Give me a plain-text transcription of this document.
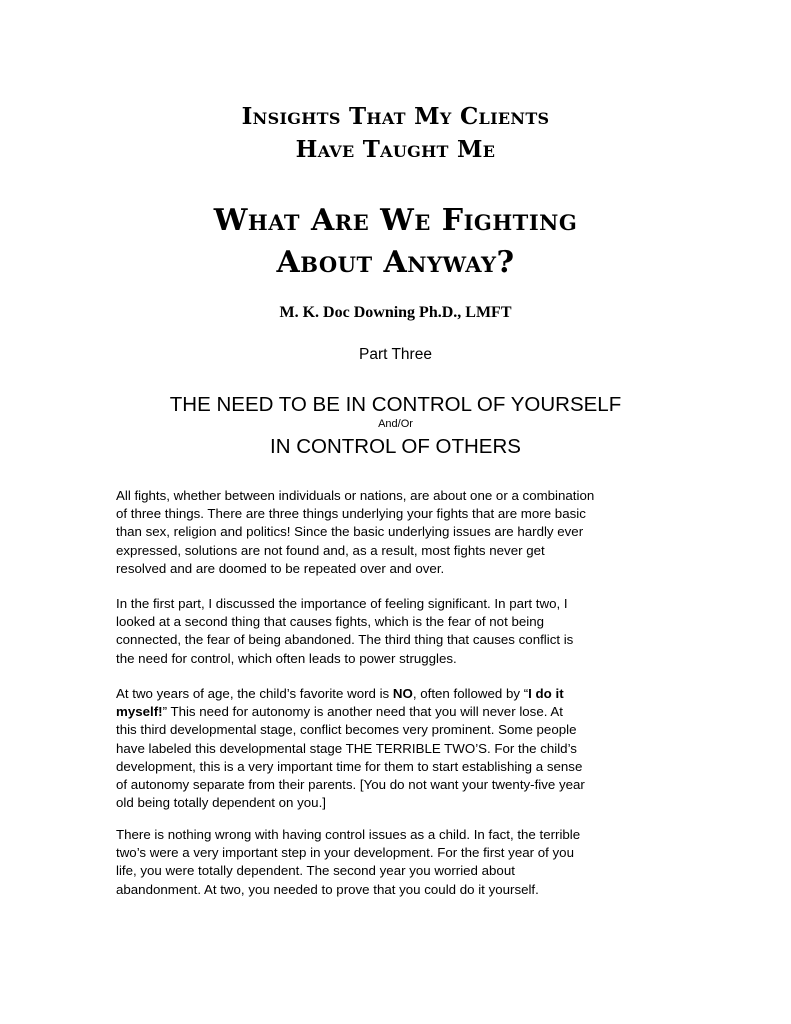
Insights That My Clients
Have Taught Me
What Are We Fighting
About Anyway?
M. K. Doc Downing Ph.D., LMFT
Part Three
THE NEED TO BE IN CONTROL OF YOURSELF
And/Or
IN CONTROL OF OTHERS

All fights, whether between individuals or nations, are about one or a combination
of three things. There are three things underlying your fights that are more basic
than sex, religion and politics! Since the basic underlying issues are hardly ever
expressed, solutions are not found and, as a result, most fights never get
resolved and are doomed to be repeated over and over.

In the first part, I discussed the importance of feeling significant. In part two, I
looked at a second thing that causes fights, which is the fear of not being
connected, the fear of being abandoned. The third thing that causes conflict is
the need for control, which often leads to power struggles.

At two years of age, the child’s favorite word is NO, often followed by “I do it
myself!” This need for autonomy is another need that you will never lose. At
this third developmental stage, conflict becomes very prominent. Some people
have labeled this developmental stage THE TERRIBLE TWO’S. For the child’s
development, this is a very important time for them to start establishing a sense
of autonomy separate from their parents. [You do not want your twenty-five year
old being totally dependent on you.]

There is nothing wrong with having control issues as a child. In fact, the terrible
two’s were a very important step in your development. For the first year of you
life, you were totally dependent. The second year you worried about
abandonment. At two, you needed to prove that you could do it yourself.
